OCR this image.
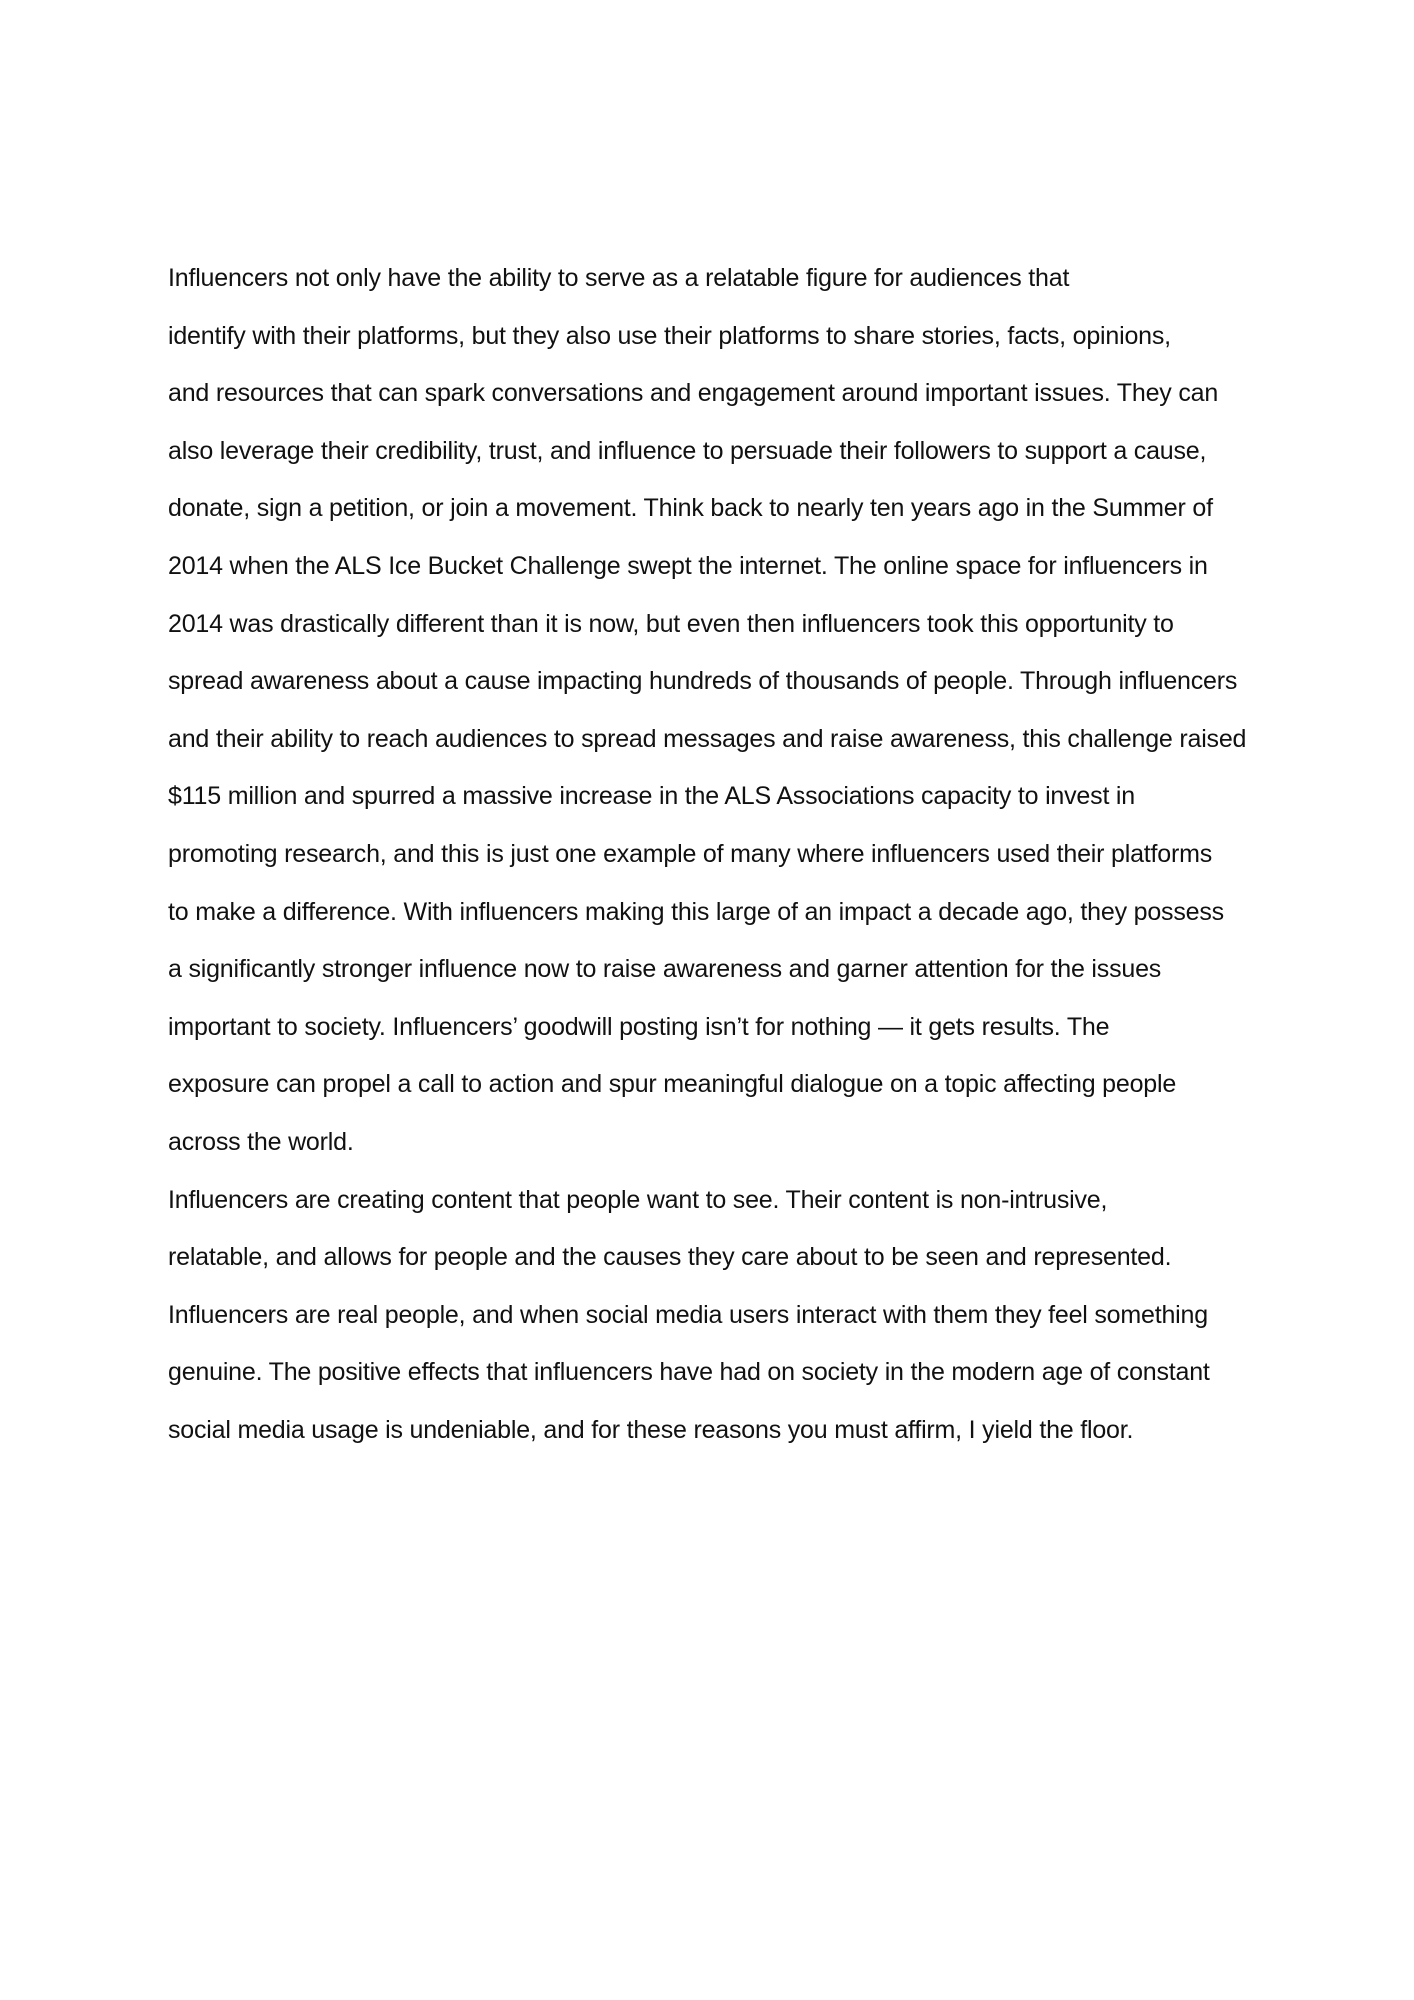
Influencers not only have the ability to serve as a relatable figure for audiences that
identify with their platforms, but they also use their platforms to share stories, facts, opinions,
and resources that can spark conversations and engagement around important issues. They can
also leverage their credibility, trust, and influence to persuade their followers to support a cause,
donate, sign a petition, or join a movement. Think back to nearly ten years ago in the Summer of
2014 when the ALS Ice Bucket Challenge swept the internet. The online space for influencers in
2014 was drastically different than it is now, but even then influencers took this opportunity to
spread awareness about a cause impacting hundreds of thousands of people. Through influencers
and their ability to reach audiences to spread messages and raise awareness, this challenge raised
$115 million and spurred a massive increase in the ALS Associations capacity to invest in
promoting research, and this is just one example of many where influencers used their platforms
to make a difference. With influencers making this large of an impact a decade ago, they possess
a significantly stronger influence now to raise awareness and garner attention for the issues
important to society. Influencers’ goodwill posting isn’t for nothing — it gets results. The
exposure can propel a call to action and spur meaningful dialogue on a topic affecting people
across the world.
Influencers are creating content that people want to see. Their content is non-intrusive,
relatable, and allows for people and the causes they care about to be seen and represented.
Influencers are real people, and when social media users interact with them they feel something
genuine. The positive effects that influencers have had on society in the modern age of constant
social media usage is undeniable, and for these reasons you must affirm, I yield the floor.
